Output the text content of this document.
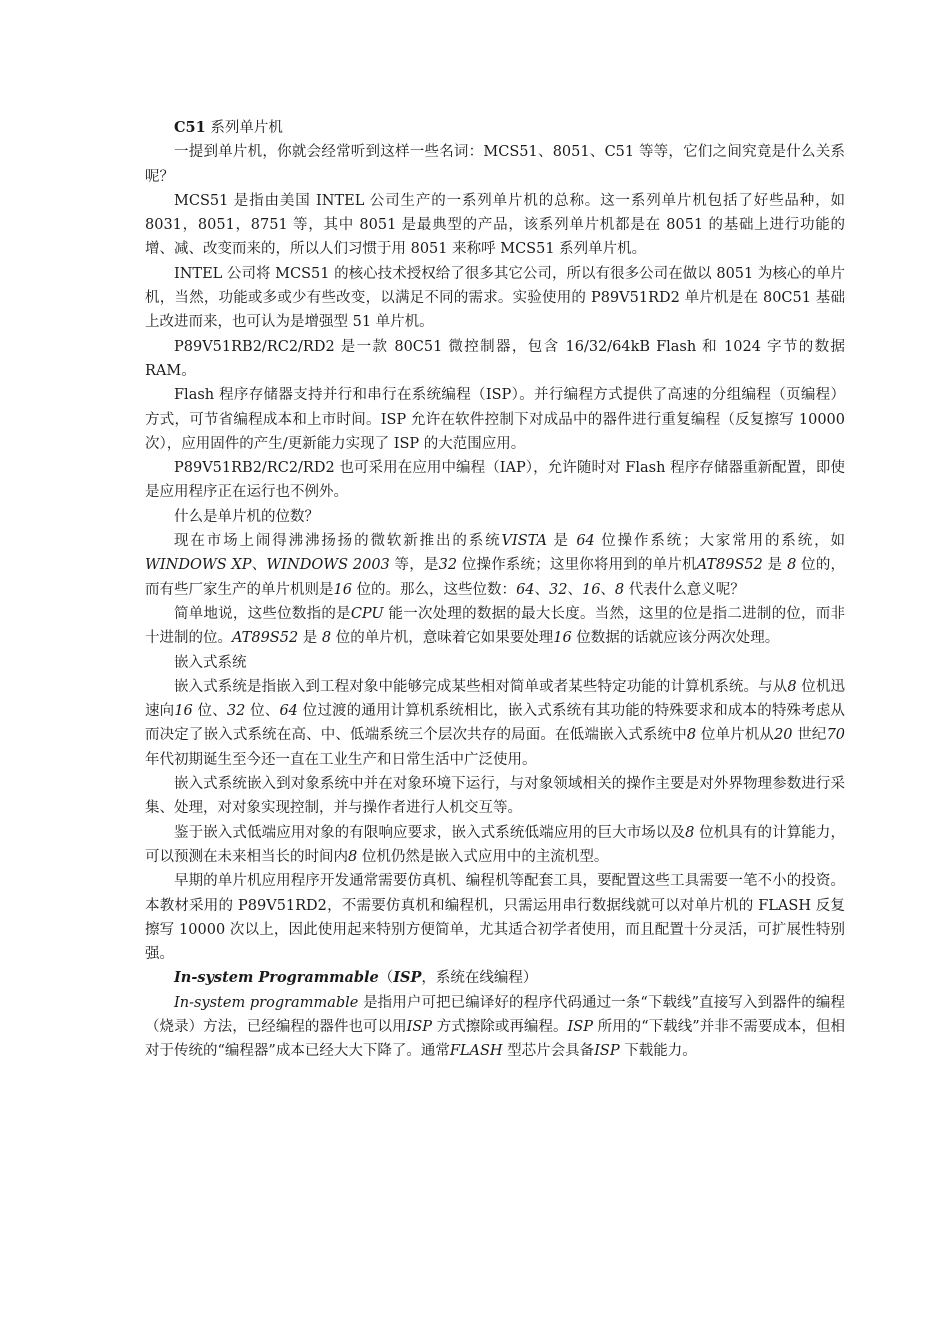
C51 系列单片机

一提到单片机，你就会经常听到这样一些名词：MCS51、8051、C51 等等，它们之间究竟是什么关系呢？

MCS51 是指由美国 INTEL 公司生产的一系列单片机的总称。这一系列单片机包括了好些品种，如 8031，8051，8751 等，其中 8051 是最典型的产品，该系列单片机都是在 8051 的基础上进行功能的增、减、改变而来的，所以人们习惯于用 8051 来称呼 MCS51 系列单片机。

INTEL 公司将 MCS51 的核心技术授权给了很多其它公司，所以有很多公司在做以 8051 为核心的单片机，当然，功能或多或少有些改变，以满足不同的需求。实验使用的 P89V51RD2 单片机是在 80C51 基础上改进而来，也可认为是增强型 51 单片机。

P89V51RB2/RC2/RD2 是一款 80C51 微控制器，包含 16/32/64kB Flash 和 1024 字节的数据 RAM。

Flash 程序存储器支持并行和串行在系统编程（ISP）。并行编程方式提供了高速的分组编程（页编程）方式，可节省编程成本和上市时间。ISP 允许在软件控制下对成品中的器件进行重复编程（反复擦写 10000 次），应用固件的产生/更新能力实现了 ISP 的大范围应用。

P89V51RB2/RC2/RD2 也可采用在应用中编程（IAP），允许随时对 Flash 程序存储器重新配置，即使是应用程序正在运行也不例外。

什么是单片机的位数？

现在市场上闹得沸沸扬扬的微软新推出的系统VISTA 是 64 位操作系统；大家常用的系统，如WINDOWS XP、WINDOWS 2003 等，是32 位操作系统；这里你将用到的单片机AT89S52 是 8 位的，而有些厂家生产的单片机则是16 位的。那么，这些位数：64、32、16、8 代表什么意义呢？

简单地说，这些位数指的是CPU 能一次处理的数据的最大长度。当然，这里的位是指二进制的位，而非十进制的位。AT89S52 是 8 位的单片机，意味着它如果要处理16 位数据的话就应该分两次处理。

嵌入式系统

嵌入式系统是指嵌入到工程对象中能够完成某些相对简单或者某些特定功能的计算机系统。与从8 位机迅速向16 位、32 位、64 位过渡的通用计算机系统相比，嵌入式系统有其功能的特殊要求和成本的特殊考虑从而决定了嵌入式系统在高、中、低端系统三个层次共存的局面。在低端嵌入式系统中8 位单片机从20 世纪70 年代初期诞生至今还一直在工业生产和日常生活中广泛使用。

嵌入式系统嵌入到对象系统中并在对象环境下运行，与对象领域相关的操作主要是对外界物理参数进行采集、处理，对对象实现控制，并与操作者进行人机交互等。

鉴于嵌入式低端应用对象的有限响应要求，嵌入式系统低端应用的巨大市场以及8 位机具有的计算能力，可以预测在未来相当长的时间内8 位机仍然是嵌入式应用中的主流机型。

早期的单片机应用程序开发通常需要仿真机、编程机等配套工具，要配置这些工具需要一笔不小的投资。本教材采用的 P89V51RD2，不需要仿真机和编程机，只需运用串行数据线就可以对单片机的 FLASH 反复擦写 10000 次以上，因此使用起来特别方便简单，尤其适合初学者使用，而且配置十分灵活，可扩展性特别强。

In-system Programmable（ISP，系统在线编程）

In-system programmable 是指用户可把已编译好的程序代码通过一条“下载线”直接写入到器件的编程（烧录）方法，已经编程的器件也可以用ISP 方式擦除或再编程。ISP 所用的“下载线”并非不需要成本，但相对于传统的“编程器”成本已经大大下降了。通常FLASH 型芯片会具备ISP 下载能力。
